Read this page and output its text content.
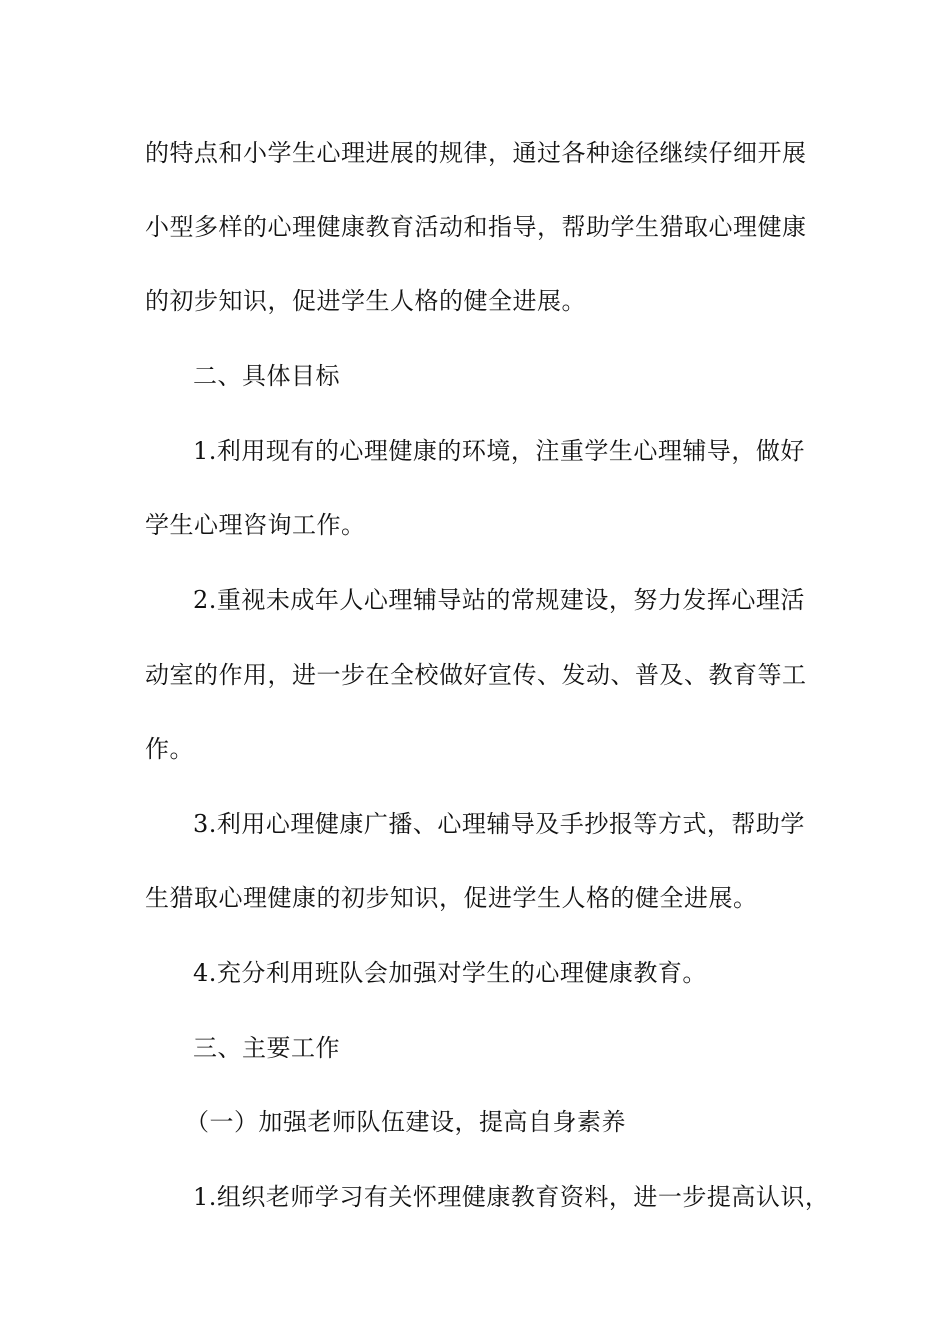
的特点和小学生心理进展的规律，通过各种途径继续仔细开展
小型多样的心理健康教育活动和指导，帮助学生猎取心理健康
的初步知识，促进学生人格的健全进展。
二、具体目标
1.利用现有的心理健康的环境，注重学生心理辅导，做好
学生心理咨询工作。
2.重视未成年人心理辅导站的常规建设，努力发挥心理活
动室的作用，进一步在全校做好宣传、发动、普及、教育等工
作。
3.利用心理健康广播、心理辅导及手抄报等方式，帮助学
生猎取心理健康的初步知识，促进学生人格的健全进展。
4.充分利用班队会加强对学生的心理健康教育。
三、主要工作
（一）加强老师队伍建设，提高自身素养
1.组织老师学习有关怀理健康教育资料，进一步提高认识，
